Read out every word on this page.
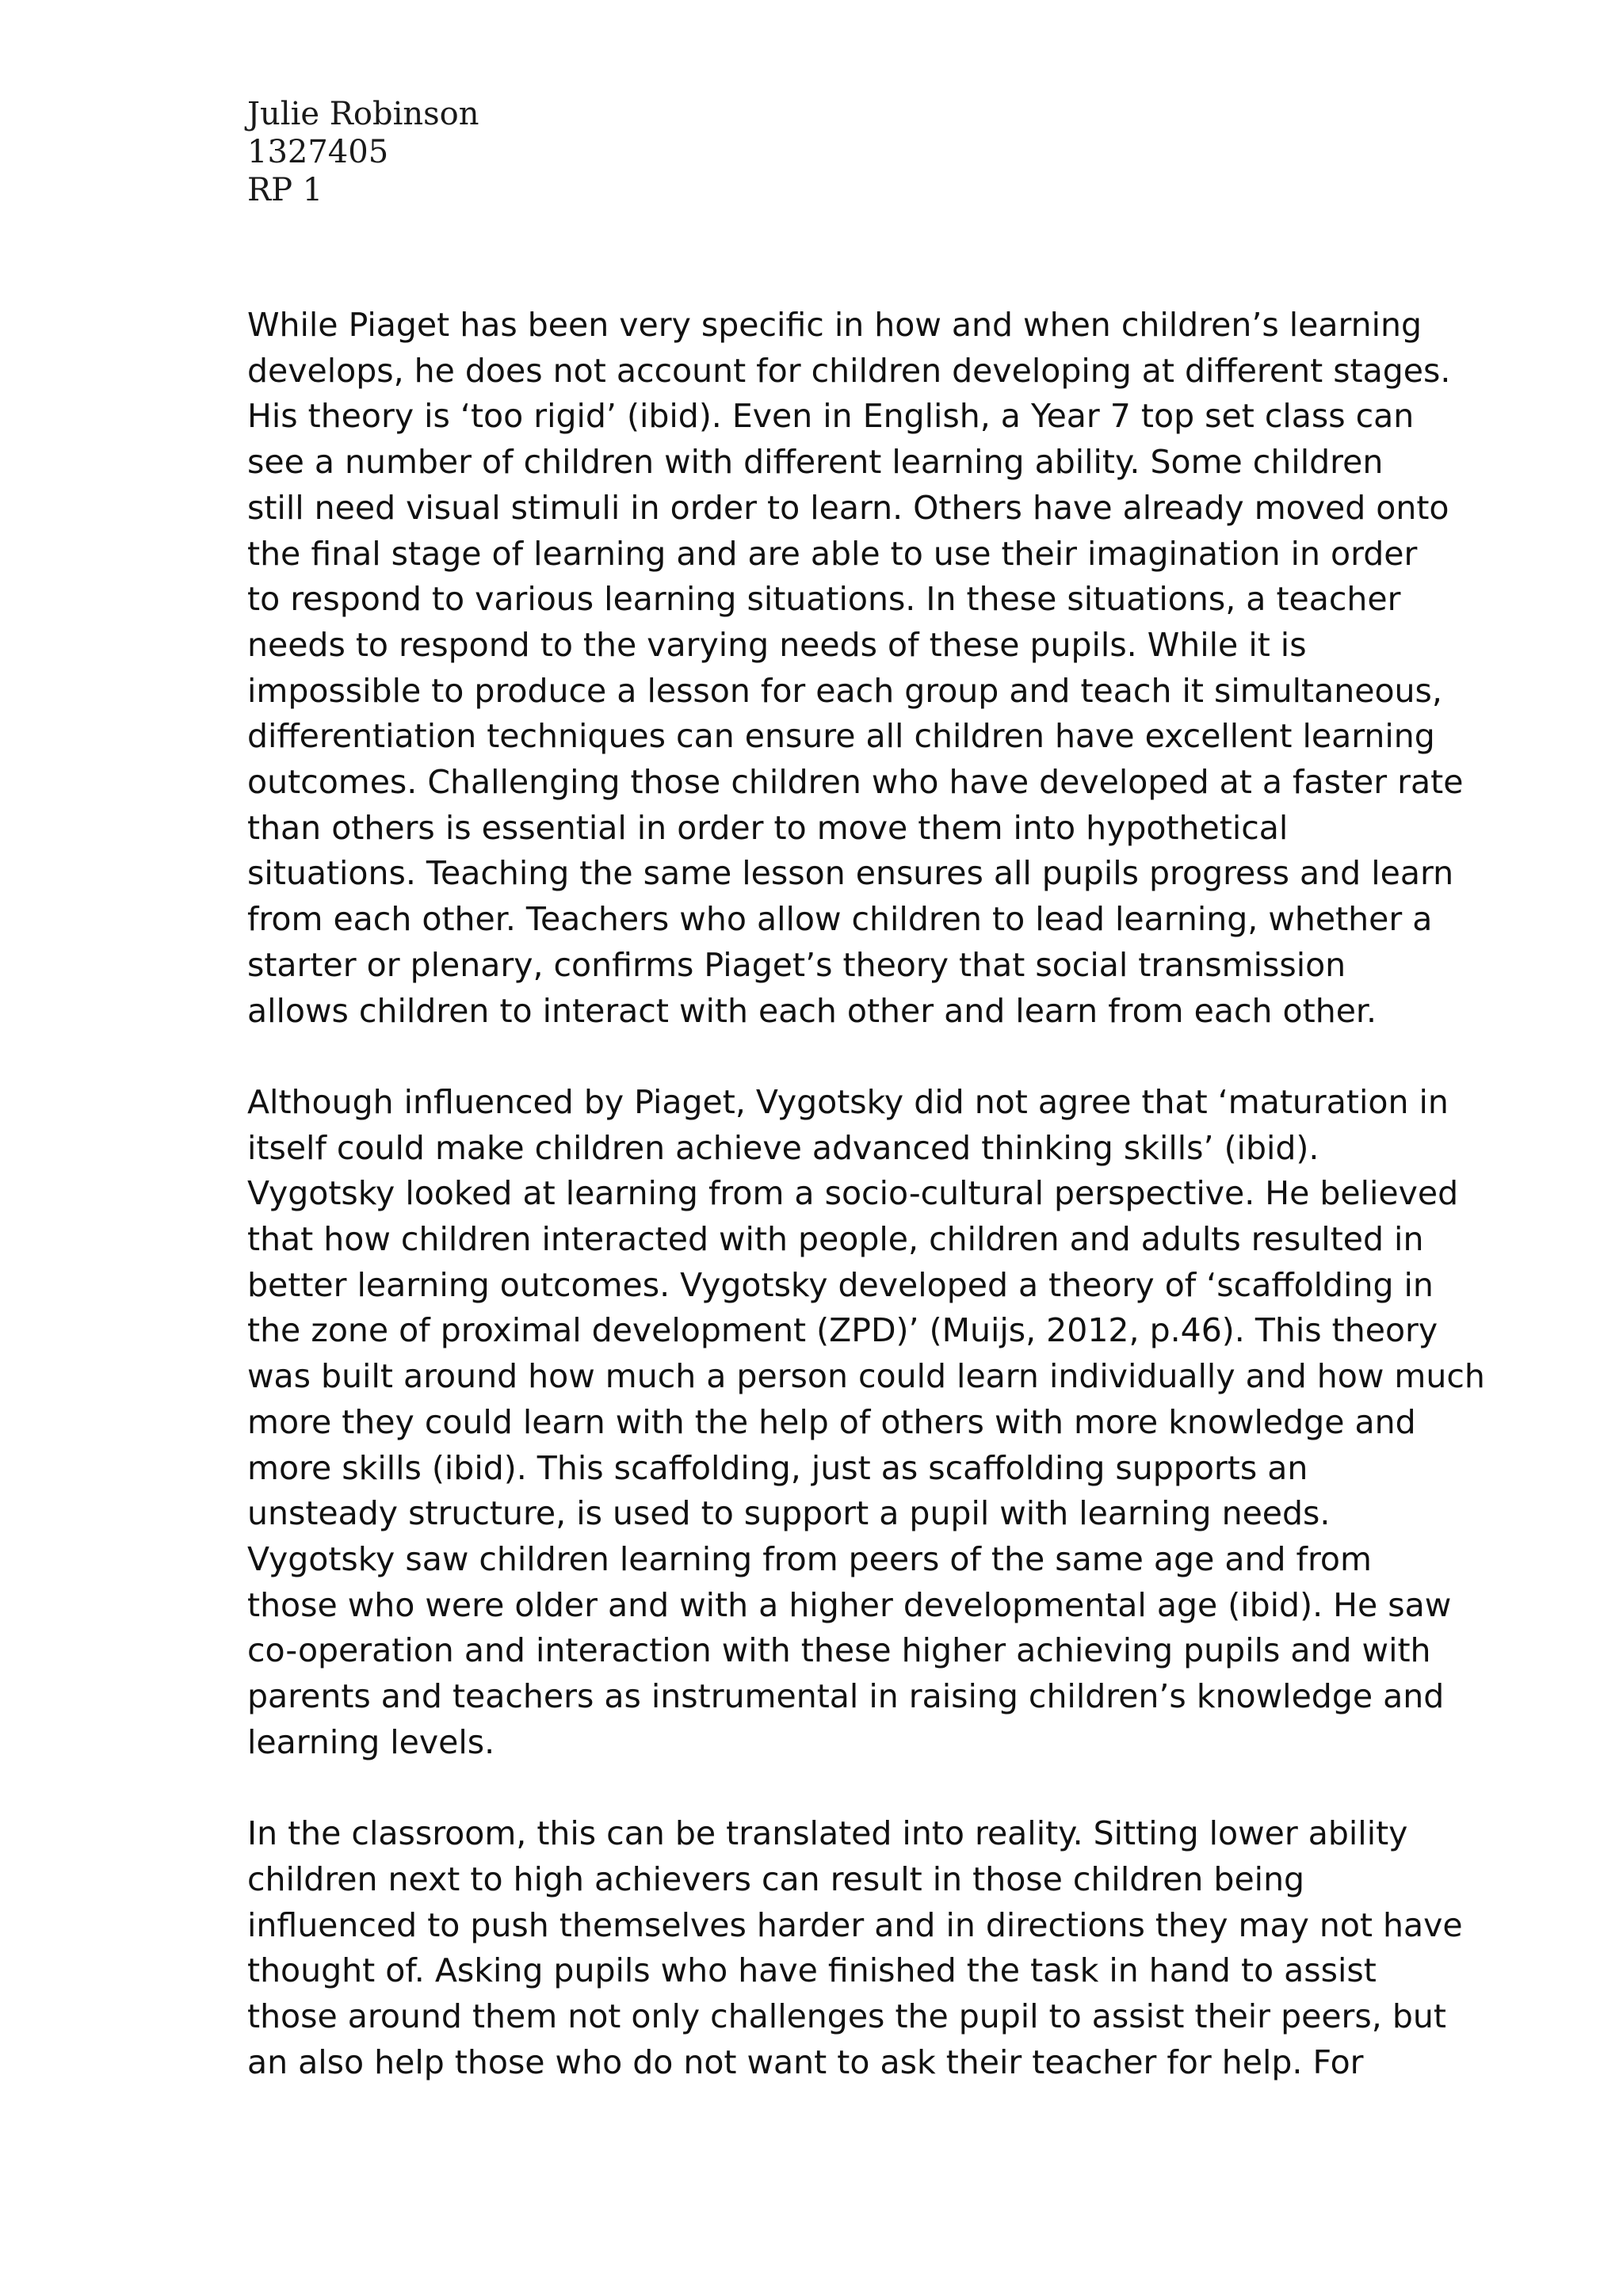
Julie Robinson
1327405
RP 1
While Piaget has been very specific in how and when children’s learning
develops, he does not account for children developing at different stages.
His theory is ‘too rigid’ (ibid). Even in English, a Year 7 top set class can
see a number of children with different learning ability. Some children
still need visual stimuli in order to learn. Others have already moved onto
the final stage of learning and are able to use their imagination in order
to respond to various learning situations. In these situations, a teacher
needs to respond to the varying needs of these pupils. While it is
impossible to produce a lesson for each group and teach it simultaneous,
differentiation techniques can ensure all children have excellent learning
outcomes. Challenging those children who have developed at a faster rate
than others is essential in order to move them into hypothetical
situations. Teaching the same lesson ensures all pupils progress and learn
from each other. Teachers who allow children to lead learning, whether a
starter or plenary, confirms Piaget’s theory that social transmission
allows children to interact with each other and learn from each other.
Although influenced by Piaget, Vygotsky did not agree that ‘maturation in
itself could make children achieve advanced thinking skills’ (ibid).
Vygotsky looked at learning from a socio-cultural perspective. He believed
that how children interacted with people, children and adults resulted in
better learning outcomes. Vygotsky developed a theory of ‘scaffolding in
the zone of proximal development (ZPD)’ (Muijs, 2012, p.46). This theory
was built around how much a person could learn individually and how much
more they could learn with the help of others with more knowledge and
more skills (ibid). This scaffolding, just as scaffolding supports an
unsteady structure, is used to support a pupil with learning needs.
Vygotsky saw children learning from peers of the same age and from
those who were older and with a higher developmental age (ibid). He saw
co-operation and interaction with these higher achieving pupils and with
parents and teachers as instrumental in raising children’s knowledge and
learning levels.
In the classroom, this can be translated into reality. Sitting lower ability
children next to high achievers can result in those children being
influenced to push themselves harder and in directions they may not have
thought of. Asking pupils who have finished the task in hand to assist
those around them not only challenges the pupil to assist their peers, but
an also help those who do not want to ask their teacher for help. For
